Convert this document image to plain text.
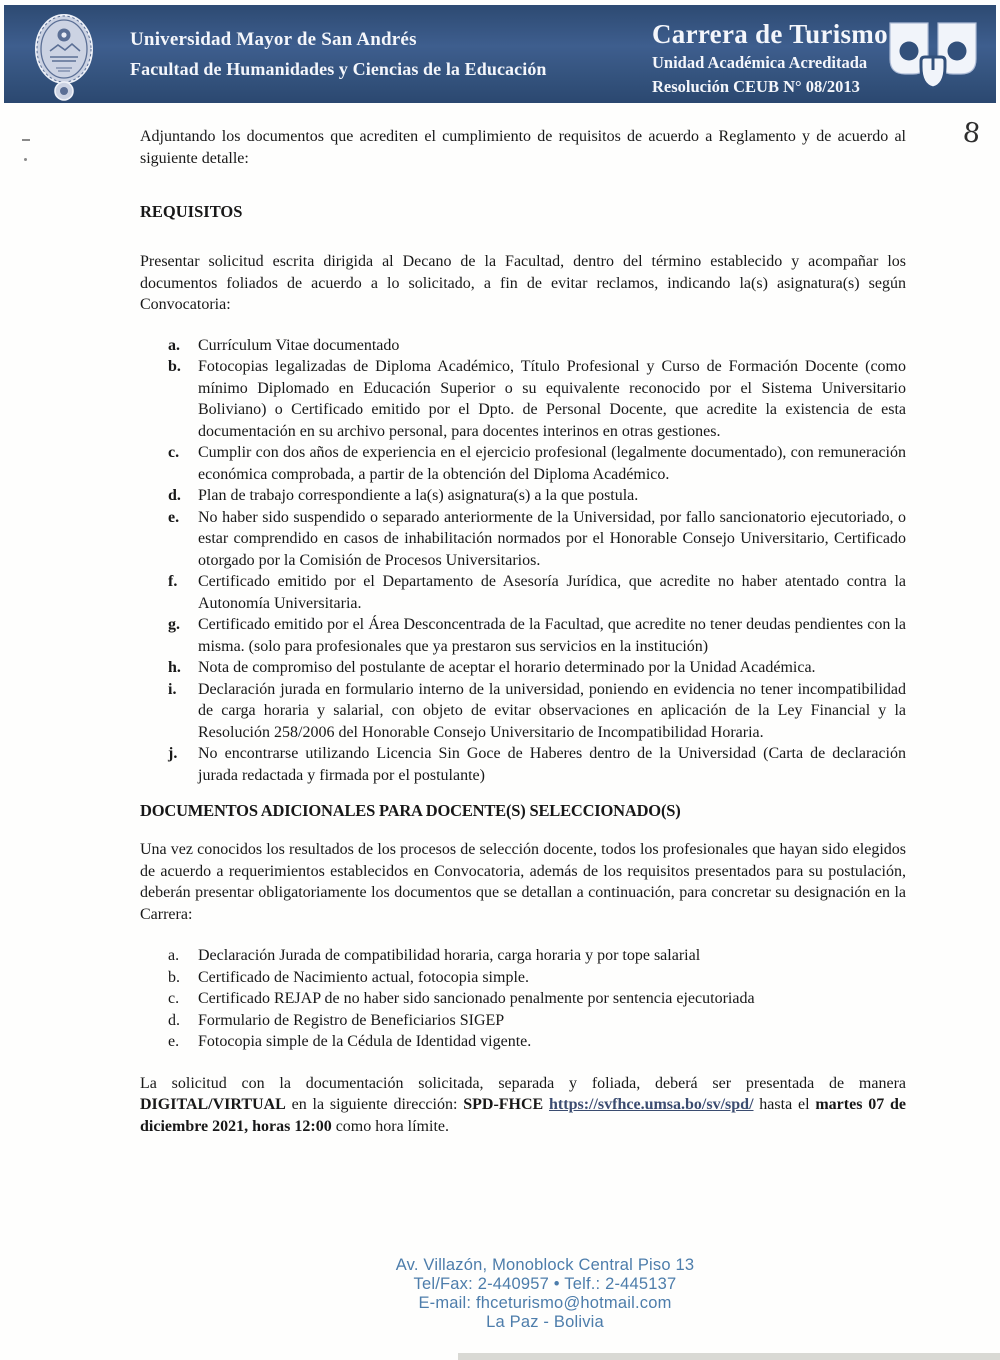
Universidad Mayor de San Andrés
Facultad de Humanidades y Ciencias de la Educación
Carrera de Turismo
Unidad Académica Acreditada
Resolución CEUB N° 08/2013
8

Adjuntando los documentos que acrediten el cumplimiento de requisitos de acuerdo a Reglamento y de acuerdo al siguiente detalle:

REQUISITOS

Presentar solicitud escrita dirigida al Decano de la Facultad, dentro del término establecido y acompañar los documentos foliados de acuerdo a lo solicitado, a fin de evitar reclamos, indicando la(s) asignatura(s) según Convocatoria:

a.	Currículum Vitae documentado
b.	Fotocopias legalizadas de Diploma Académico, Título Profesional y Curso de Formación Docente (como mínimo Diplomado en Educación Superior o su equivalente reconocido por el Sistema Universitario Boliviano) o Certificado emitido por el Dpto. de Personal Docente, que acredite la existencia de esta documentación en su archivo personal, para docentes interinos en otras gestiones.
c.	Cumplir con dos años de experiencia en el ejercicio profesional (legalmente documentado), con remuneración económica comprobada, a partir de la obtención del Diploma Académico.
d.	Plan de trabajo correspondiente a la(s) asignatura(s) a la que postula.
e.	No haber sido suspendido o separado anteriormente de la Universidad, por fallo sancionatorio ejecutoriado, o estar comprendido en casos de inhabilitación normados por el Honorable Consejo Universitario, Certificado otorgado por la Comisión de Procesos Universitarios.
f.	Certificado emitido por el Departamento de Asesoría Jurídica, que acredite no haber atentado contra la Autonomía Universitaria.
g.	Certificado emitido por el Área Desconcentrada de la Facultad, que acredite no tener deudas pendientes con la misma. (solo para profesionales que ya prestaron sus servicios en la institución)
h.	Nota de compromiso del postulante de aceptar el horario determinado por la Unidad Académica.
i.	Declaración jurada en formulario interno de la universidad, poniendo en evidencia no tener incompatibilidad de carga horaria y salarial, con objeto de evitar observaciones en aplicación de la Ley Financial y la Resolución 258/2006 del Honorable Consejo Universitario de Incompatibilidad Horaria.
j.	No encontrarse utilizando Licencia Sin Goce de Haberes dentro de la Universidad (Carta de declaración jurada redactada y firmada por el postulante)
DOCUMENTOS ADICIONALES PARA DOCENTE(S) SELECCIONADO(S)

Una vez conocidos los resultados de los procesos de selección docente, todos los profesionales que hayan sido elegidos de acuerdo a requerimientos establecidos en Convocatoria, además de los requisitos presentados para su postulación, deberán presentar obligatoriamente los documentos que se detallan a continuación, para concretar su designación en la Carrera:

a.	Declaración Jurada de compatibilidad horaria, carga horaria y por tope salarial
b.	Certificado de Nacimiento actual, fotocopia simple.
c.	Certificado REJAP de no haber sido sancionado penalmente por sentencia ejecutoriada
d.	Formulario de Registro de Beneficiarios SIGEP
e.	Fotocopia simple de la Cédula de Identidad vigente.

La solicitud con la documentación solicitada, separada y foliada, deberá ser presentada de manera DIGITAL/VIRTUAL en la siguiente dirección: SPD-FHCE https://svfhce.umsa.bo/sv/spd/ hasta el martes 07 de diciembre 2021, horas 12:00 como hora límite.

Av. Villazón, Monoblock Central Piso 13
Tel/Fax: 2-440957 • Telf.: 2-445137
E-mail: fhceturismo@hotmail.com
La Paz - Bolivia
